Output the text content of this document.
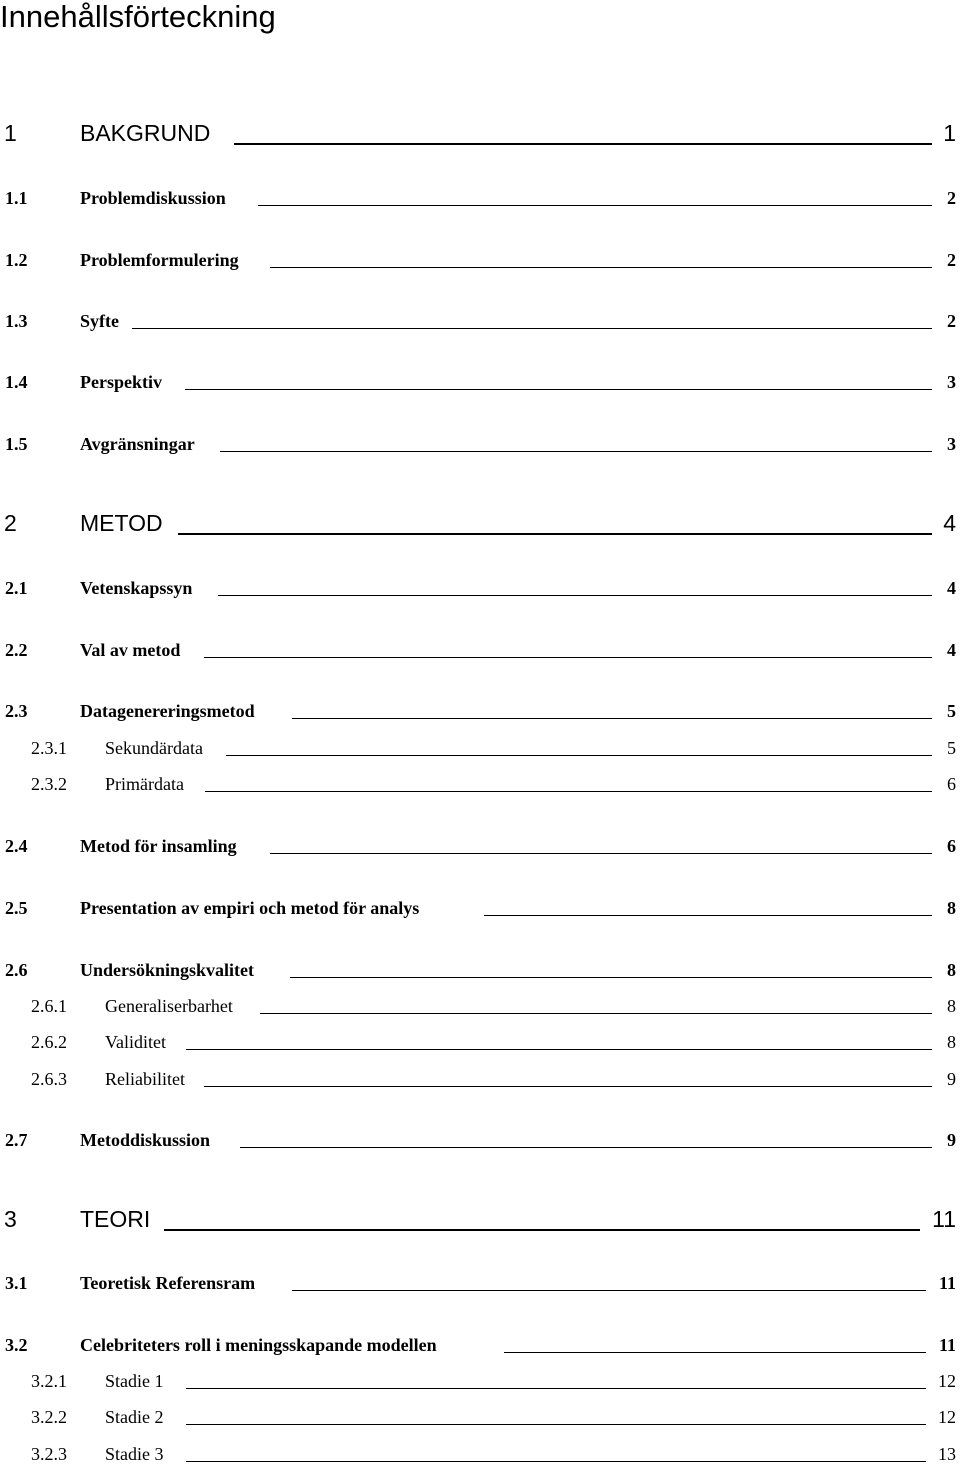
Innehållsförteckning
1	BAKGRUND	1
1.1	Problemdiskussion	2
1.2	Problemformulering	2
1.3	Syfte	2
1.4	Perspektiv	3
1.5	Avgränsningar	3
2	METOD	4
2.1	Vetenskapssyn	4
2.2	Val av metod	4
2.3	Datagenereringsmetod	5
2.3.1 Sekundärdata	5
2.3.2 Primärdata	6
2.4	Metod för insamling	6
2.5	Presentation av empiri och metod för analys	8
2.6	Undersökningskvalitet	8
2.6.1 Generaliserbarhet	8
2.6.2 Validitet	8
2.6.3 Reliabilitet	9
2.7	Metoddiskussion	9
3	TEORI	11
3.1	Teoretisk Referensram	11
3.2	Celebriteters roll i meningsskapande modellen	11
3.2.1 Stadie 1	12
3.2.2 Stadie 2	12
3.2.3 Stadie 3	13
